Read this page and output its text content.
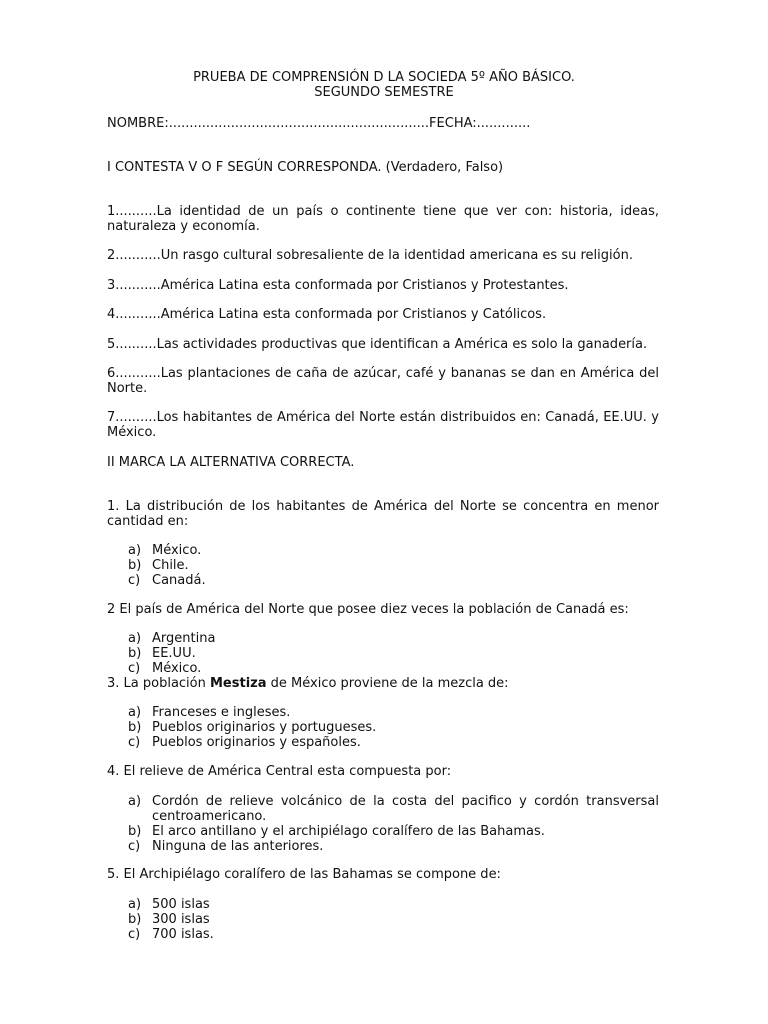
PRUEBA DE COMPRENSIÓN D LA SOCIEDA 5º AÑO BÁSICO.
SEGUNDO SEMESTRE
NOMBRE:...............................................................FECHA:.............
I CONTESTA V O F SEGÚN CORRESPONDA. (Verdadero, Falso)
1..........La identidad de un país o continente tiene que ver con: historia, ideas, naturaleza y economía.
2...........Un rasgo cultural sobresaliente de la identidad americana es su religión.
3...........América Latina esta conformada por Cristianos y Protestantes.
4...........América Latina esta conformada por Cristianos y Católicos.
5..........Las actividades productivas que identifican a América es solo la ganadería.
6...........Las plantaciones de caña de azúcar, café y bananas se dan en América del Norte.
7..........Los habitantes de América del Norte están distribuidos en: Canadá, EE.UU. y México.
II MARCA LA ALTERNATIVA CORRECTA.
1. La distribución de los habitantes de América del Norte se concentra en menor cantidad en:
a) México.
b) Chile.
c) Canadá.
2 El país de América del Norte que posee diez veces la población de Canadá es:
a) Argentina
b) EE.UU.
c) México.
3. La población Mestiza de México proviene de la mezcla de:
a) Franceses e ingleses.
b) Pueblos originarios y portugueses.
c) Pueblos originarios y españoles.
4. El relieve de América Central esta compuesta por:
a) Cordón de relieve volcánico de la costa del pacifico y cordón transversal centroamericano.
b) El arco antillano y el archipiélago coralífero de las Bahamas.
c) Ninguna de las anteriores.
5. El Archipiélago coralífero de las Bahamas se compone de:
a) 500 islas
b) 300 islas
c) 700 islas.
